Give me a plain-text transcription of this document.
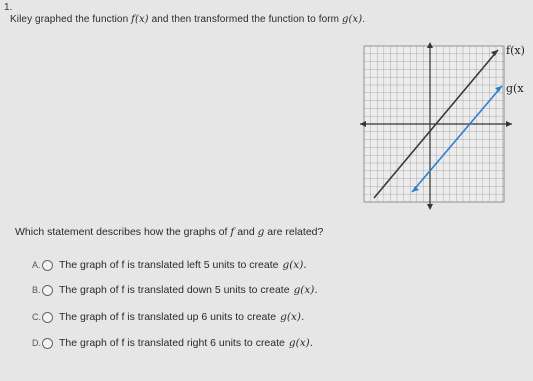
1.
Kiley graphed the function f(x) and then transformed the function to form g(x).
f(x)
g(x
Which statement describes how the graphs of f and g are related?
A. The graph of f is translated left 5 units to create g(x).
B. The graph of f is translated down 5 units to create g(x).
C. The graph of f is translated up 6 units to create g(x).
D. The graph of f is translated right 6 units to create g(x).
